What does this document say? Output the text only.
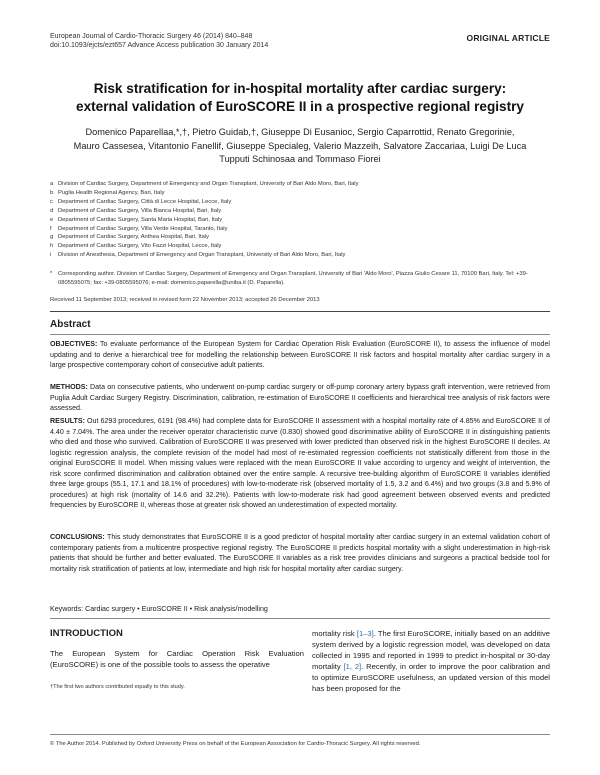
European Journal of Cardio-Thoracic Surgery 46 (2014) 840–848
doi:10.1093/ejcts/ezt657 Advance Access publication 30 January 2014
ORIGINAL ARTICLE
Risk stratification for in-hospital mortality after cardiac surgery:
external validation of EuroSCORE II in a prospective regional registry
Domenico Paparellaa,*,†, Pietro Guidab,†, Giuseppe Di Eusanioc, Sergio Caparrottid, Renato Gregorinie,
Mauro Cassesea, Vitantonio Fanellif, Giuseppe Specialeg, Valerio Mazzeih, Salvatore Zaccariaa, Luigi De Luca
Tupputi Schinosaa and Tommaso Fiorei
a Division of Cardiac Surgery, Department of Emergency and Organ Transplant, University of Bari Aldo Moro, Bari, Italy
b Puglia Health Regional Agency, Bari, Italy
c Department of Cardiac Surgery, Città di Lecce Hospital, Lecce, Italy
d Department of Cardiac Surgery, Villa Bianca Hospital, Bari, Italy
e Department of Cardiac Surgery, Santa Maria Hospital, Bari, Italy
f	Department of Cardiac Surgery, Villa Verde Hospital, Taranto, Italy
g Department of Cardiac Surgery, Anthea Hospital, Bari, Italy
h Department of Cardiac Surgery, Vito Fazzi Hospital, Lecce, Italy
i	Division of Anesthesia, Department of Emergency and Organ Transplant, University of Bari Aldo Moro, Bari, Italy
* Corresponding author. Division of Cardiac Surgery, Department of Emergency and Organ Transplant, University of Bari 'Aldo Moro', Piazza Giulio Cesare 11, 70100 Bari, Italy. Tel: +39-0805595075; fax: +39-0805595076; e-mail: domenico.paparella@uniba.it (D. Paparella).
Received 11 September 2013; received in revised form 22 November 2013; accepted 26 December 2013
Abstract
OBJECTIVES: To evaluate performance of the European System for Cardiac Operation Risk Evaluation (EuroSCORE II), to assess the influence of model updating and to derive a hierarchical tree for modelling the relationship between EuroSCORE II risk factors and hospital mortality after cardiac surgery in a large prospective contemporary cohort of consecutive adult patients.
METHODS: Data on consecutive patients, who underwent on-pump cardiac surgery or off-pump coronary artery bypass graft intervention, were retrieved from Puglia Adult Cardiac Surgery Registry. Discrimination, calibration, re-estimation of EuroSCORE II coefficients and hierarchical tree analysis of risk factors were assessed.
RESULTS: Out 6293 procedures, 6191 (98.4%) had complete data for EuroSCORE II assessment with a hospital mortality rate of 4.85% and EuroSCORE II of 4.40 ± 7.04%. The area under the receiver operator characteristic curve (0.830) showed good discriminative ability of EuroSCORE II in distinguishing patients who died and those who survived. Calibration of EuroSCORE II was preserved with lower predicted than observed risk in the highest EuroSCORE II deciles. At logistic regression analysis, the complete revision of the model had most of re-estimated regression coefficients not statistically different from those in the original EuroSCORE II model. When missing values were replaced with the mean EuroSCORE II value according to urgency and weight of intervention, the risk score confirmed discrimination and calibration obtained over the entire sample. A recursive tree-building algorithm of EuroSCORE II variables identified three large groups (55.1, 17.1 and 18.1% of procedures) with low-to-moderate risk (observed mortality of 1.5, 3.2 and 6.4%) and two groups (3.8 and 5.9% of procedures) at high risk (mortality of 14.6 and 32.2%). Patients with low-to-moderate risk had good agreement between observed events and predicted frequencies by EuroSCORE II, whereas those at greater risk showed an underestimation of expected mortality.
CONCLUSIONS: This study demonstrates that EuroSCORE II is a good predictor of hospital mortality after cardiac surgery in an external validation cohort of contemporary patients from a multicentre prospective regional registry. The EuroSCORE II predicts hospital mortality with a slight underestimation in high-risk patients that should be further and better evaluated. The EuroSCORE II variables as a risk tree provides clinicians and surgeons a practical bedside tool for mortality risk stratification of patients at low, intermediate and high risk for hospital mortality after cardiac surgery.
Keywords: Cardiac surgery • EuroSCORE II • Risk analysis/modelling
INTRODUCTION
The European System for Cardiac Operation Risk Evaluation (EuroSCORE) is one of the possible tools to assess the operative
†The first two authors contributed equally to this study.
mortality risk [1–3]. The first EuroSCORE, initially based on an additive system derived by a logistic regression model, was developed on data collected in 1995 and reported in 1999 to predict in-hospital or 30-day mortality [1, 2]. Recently, in order to improve the poor calibration and to optimize EuroSCORE usefulness, an updated version of this model has been proposed for the
© The Author 2014. Published by Oxford University Press on behalf of the European Association for Cardio-Thoracic Surgery. All rights reserved.
